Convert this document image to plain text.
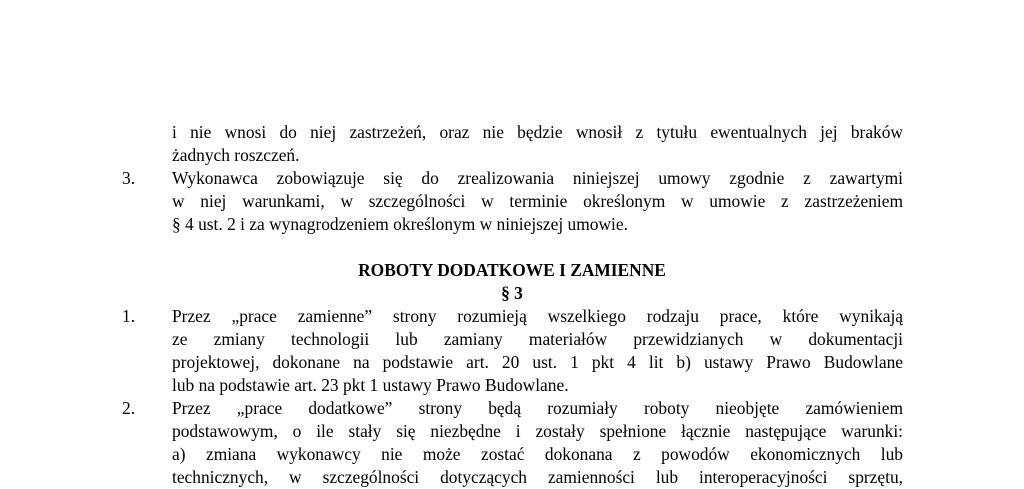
i nie wnosi do niej zastrzeżeń, oraz nie będzie wnosił z tytułu ewentualnych jej braków
żadnych roszczeń.
3. Wykonawca zobowiązuje się do zrealizowania niniejszej umowy zgodnie z zawartymi
w niej warunkami, w szczególności w terminie określonym w umowie z zastrzeżeniem
§ 4 ust. 2 i za wynagrodzeniem określonym w niniejszej umowie.
ROBOTY DODATKOWE I ZAMIENNE
§ 3
1. Przez „prace zamienne” strony rozumieją wszelkiego rodzaju prace, które wynikają
ze zmiany technologii lub zamiany materiałów przewidzianych w dokumentacji
projektowej, dokonane na podstawie art. 20 ust. 1 pkt 4 lit b) ustawy Prawo Budowlane
lub na podstawie art. 23 pkt 1 ustawy Prawo Budowlane.
2. Przez „prace dodatkowe” strony będą rozumiały roboty nieobjęte zamówieniem
podstawowym, o ile stały się niezbędne i zostały spełnione łącznie następujące warunki:
a) zmiana wykonawcy nie może zostać dokonana z powodów ekonomicznych lub
technicznych, w szczególności dotyczących zamienności lub interoperacyjności sprzętu,
